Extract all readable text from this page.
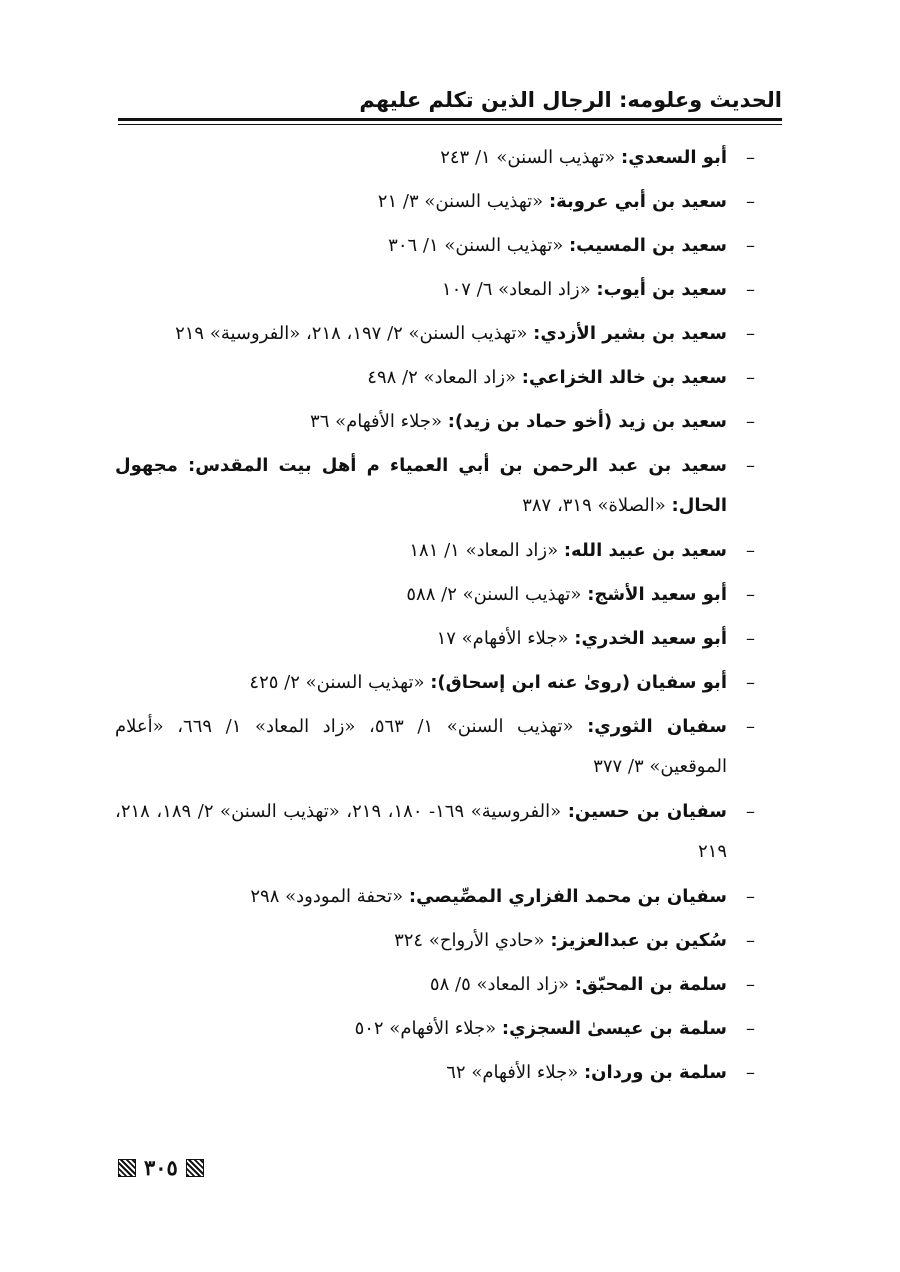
الحديث وعلومه: الرجال الذين تكلم عليهم

–
أبو السعدي: «تهذيب السنن» ١/ ٢٤٣

–
سعيد بن أبي عروبة: «تهذيب السنن» ٣/ ٢١

–
سعيد بن المسيب: «تهذيب السنن» ١/ ٣٠٦

–
سعيد بن أيوب: «زاد المعاد» ٦/ ١٠٧

–
سعيد بن بشير الأزدي: «تهذيب السنن» ٢/ ١٩٧، ٢١٨، «الفروسية» ٢١٩

–
سعيد بن خالد الخزاعي: «زاد المعاد» ٢/ ٤٩٨

–
سعيد بن زيد (أخو حماد بن زيد): «جلاء الأفهام» ٣٦

–
سعيد بن عبد الرحمن بن أبي العمياء م أهل بيت المقدس: مجهول الحال: «الصلاة» ٣١٩، ٣٨٧

–
سعيد بن عبيد الله: «زاد المعاد» ١/ ١٨١

–
أبو سعيد الأشج: «تهذيب السنن» ٢/ ٥٨٨

–
أبو سعيد الخدري: «جلاء الأفهام» ١٧

–
أبو سفيان (روىٰ عنه ابن إسحاق): «تهذيب السنن» ٢/ ٤٢٥

–
سفيان الثوري: «تهذيب السنن» ١/ ٥٦٣، «زاد المعاد» ١/ ٦٦٩، «أعلام الموقعين» ٣/ ٣٧٧

–
سفيان بن حسين: «الفروسية» ١٦٩- ١٨٠، ٢١٩، «تهذيب السنن» ٢/ ١٨٩، ٢١٨، ٢١٩

–
سفيان بن محمد الفزاري المصِّيصي: «تحفة المودود» ٢٩٨

–
سُكين بن عبدالعزيز: «حادي الأرواح» ٣٢٤

–
سلمة بن المحبّق: «زاد المعاد» ٥/ ٥٨

–
سلمة بن عيسىٰ السجزي: «جلاء الأفهام» ٥٠٢

–
سلمة بن وردان: «جلاء الأفهام» ٦٢

٣٠٥
